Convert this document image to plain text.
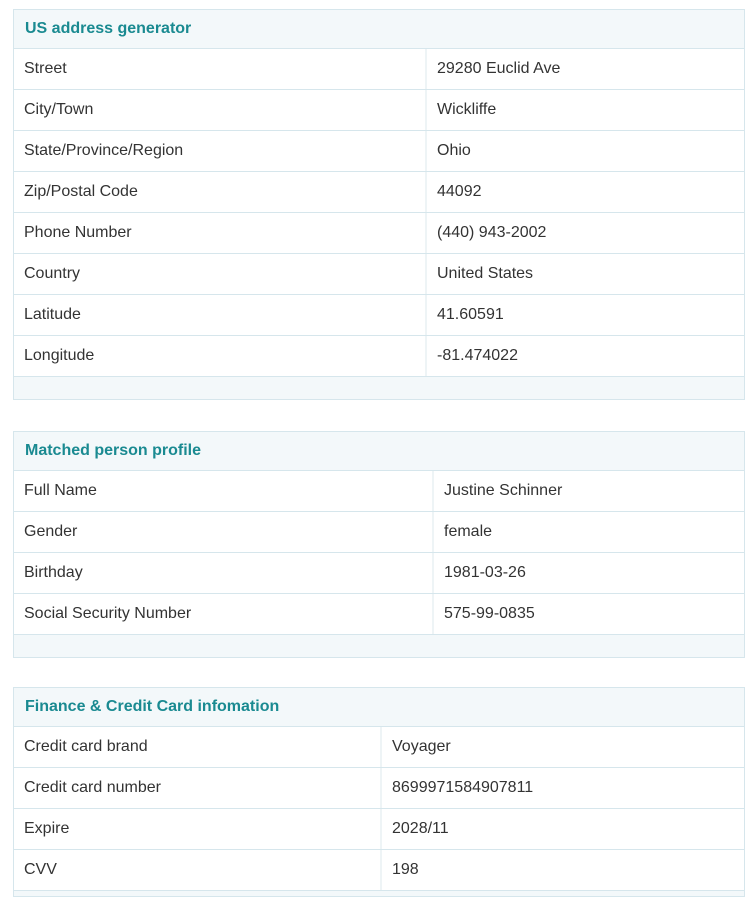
US address generator
Street	29280 Euclid Ave
City/Town	Wickliffe
State/Province/Region	Ohio
Zip/Postal Code	44092
Phone Number	(440) 943-2002
Country	United States
Latitude	41.60591
Longitude	-81.474022
Matched person profile
Full Name	Justine Schinner
Gender	female
Birthday	1981-03-26
Social Security Number	575-99-0835
Finance & Credit Card infomation
Credit card brand	Voyager
Credit card number	8699971584907811
Expire	2028/11
CVV	198
